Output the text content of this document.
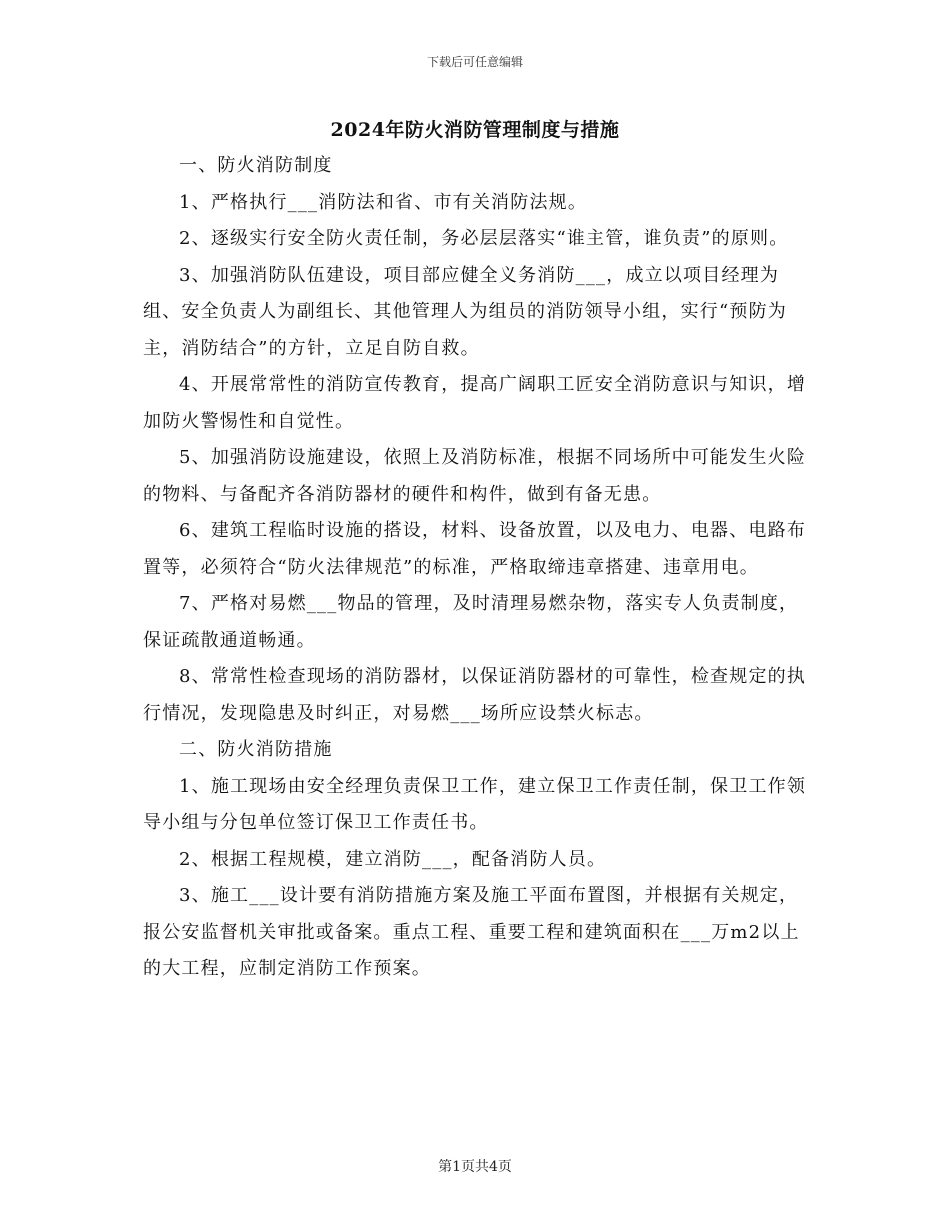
下载后可任意编辑
2024年防火消防管理制度与措施

一、防火消防制度

1、严格执行___消防法和省、市有关消防法规。

2、逐级实行安全防火责任制，务必层层落实“谁主管，谁负责”的原则。

3、加强消防队伍建设，项目部应健全义务消防___，成立以项目经理为组、安全负责人为副组长、其他管理人为组员的消防领导小组，实行“预防为主，消防结合”的方针，立足自防自救。

4、开展常常性的消防宣传教育，提高广阔职工匠安全消防意识与知识，增加防火警惕性和自觉性。

5、加强消防设施建设，依照上及消防标准，根据不同场所中可能发生火险的物料、与备配齐各消防器材的硬件和构件，做到有备无患。

6、建筑工程临时设施的搭设，材料、设备放置，以及电力、电器、电路布置等，必须符合“防火法律规范”的标准，严格取缔违章搭建、违章用电。

7、严格对易燃___物品的管理，及时清理易燃杂物，落实专人负责制度，保证疏散通道畅通。

8、常常性检查现场的消防器材，以保证消防器材的可靠性，检查规定的执行情况，发现隐患及时纠正，对易燃___场所应设禁火标志。

二、防火消防措施

1、施工现场由安全经理负责保卫工作，建立保卫工作责任制，保卫工作领导小组与分包单位签订保卫工作责任书。

2、根据工程规模，建立消防___，配备消防人员。

3、施工___设计要有消防措施方案及施工平面布置图，并根据有关规定，报公安监督机关审批或备案。重点工程、重要工程和建筑面积在___万m2以上的大工程，应制定消防工作预案。

第1页共4页
